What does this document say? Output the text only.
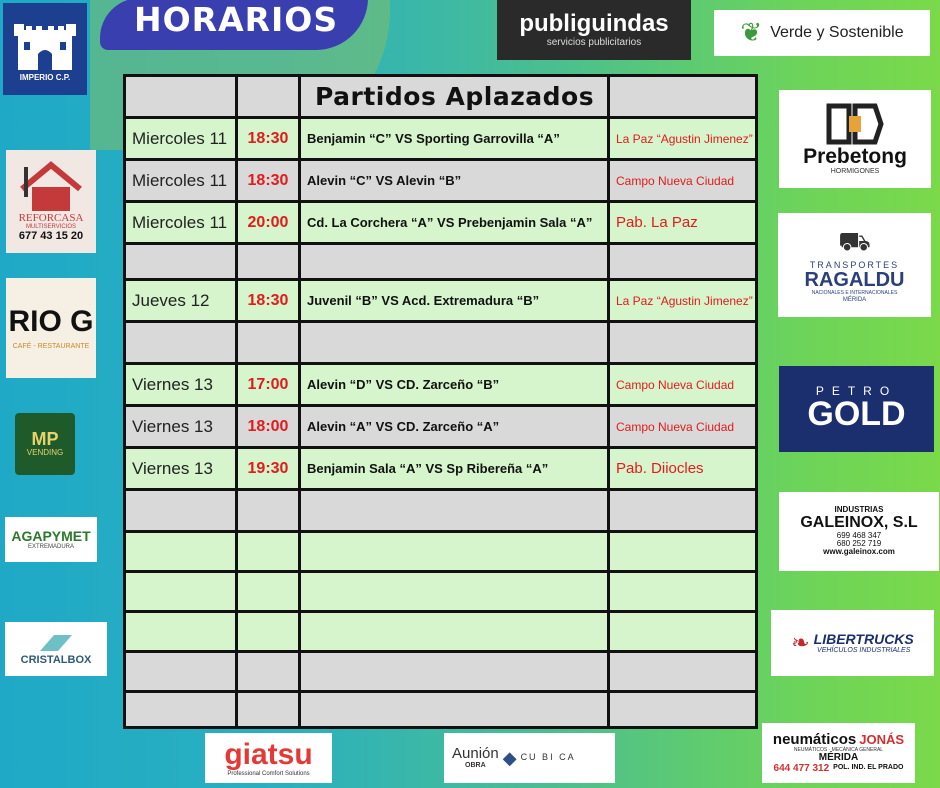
HORARIOS
IMPERIO C.P.
publiguindas
servicios publicitarios	❦ Verde y Sostenible
REFORCASA
MULTISERVICIOS
677 43 15 20
RIO G
CAFÉ - RESTAURANTE
MP
VENDING
AGAPYMET
EXTREMADURA
CRISTALBOX
Prebetong
HORMIGONES
⛟
TRANSPORTES
RAGALDU
NACIONALES E INTERNACIONALES
MÉRIDA
PETRO
GOLD
INDUSTRIAS
GALEINOX, S.L
699 468 347
680 252 719
www.galeinox.com
❧ LIBERTRUCKS
VEHÍCULOS INDUSTRIALES
giatsu
Professional Comfort Solutions
Aunión
OBRA ◆ CU BI CA
neumáticos JONÁS
NEUMÁTICOS · MECÁNICA GENERAL
MÉRIDA
644 477 312 POL. IND. EL PRADO
		Partidos Aplazados	
Miercoles 11	18:30	Benjamin “C” VS Sporting Garrovilla “A”	La Paz “Agustin Jimenez”
Miercoles 11	18:30	Alevin “C” VS Alevin “B”	Campo Nueva Ciudad
Miercoles 11	20:00	Cd. La Corchera “A” VS Prebenjamin Sala “A”	Pab. La Paz

Jueves 12	18:30	Juvenil “B” VS Acd. Extremadura “B”	La Paz “Agustin Jimenez”

Viernes 13	17:00	Alevin “D” VS CD. Zarceño “B”	Campo Nueva Ciudad
Viernes 13	18:00	Alevin “A” VS CD. Zarceño “A”	Campo Nueva Ciudad
Viernes 13	19:30	Benjamin Sala “A” VS Sp Ribereña “A”	Pab. Diiocles
